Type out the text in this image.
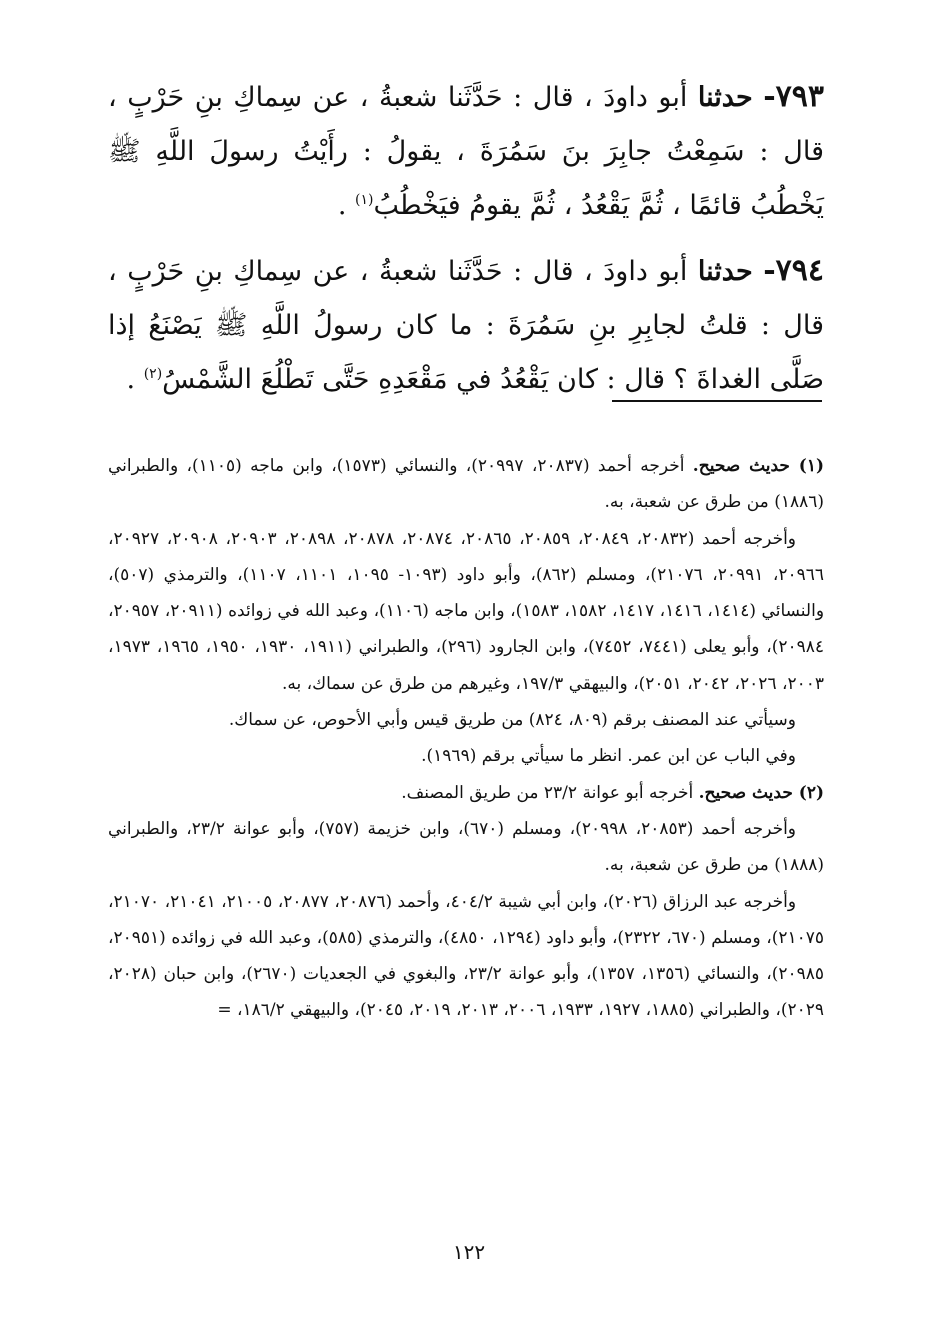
٧٩٣- حدثنا أبو داودَ ، قال : حَدَّثَنا شعبةُ ، عن سِماكِ بنِ حَرْبٍ ، قال : سَمِعْتُ جابِرَ بنَ سَمُرَةَ ، يقولُ : رأَيْتُ رسولَ اللَّهِ ﷺ يَخْطُبُ قائمًا ، ثُمَّ يَقْعُدُ ، ثُمَّ يقومُ فيَخْطُبُ$^{(١)}$ .

٧٩٤- حدثنا أبو داودَ ، قال : حَدَّثَنا شعبةُ ، عن سِماكِ بنِ حَرْبٍ ، قال : قلتُ لجابِرِ بنِ سَمُرَةَ : ما كان رسولُ اللَّهِ ﷺ يَصْنَعُ إذا صَلَّى الغداةَ ؟ قال : كان يَقْعُدُ في مَقْعَدِهِ حَتَّى تَطْلُعَ الشَّمْسُ$^{(٢)}$ .

(١) حديث صحيح. أخرجه أحمد (٢٠٨٣٧، ٢٠٩٩٧)، والنسائي (١٥٧٣)، وابن ماجه (١١٠٥)، والطبراني (١٨٨٦) من طرق عن شعبة، به.

وأخرجه أحمد (٢٠٨٣٢، ٢٠٨٤٩، ٢٠٨٥٩، ٢٠٨٦٥، ٢٠٨٧٤، ٢٠٨٧٨، ٢٠٨٩٨، ٢٠٩٠٣، ٢٠٩٠٨، ٢٠٩٢٧، ٢٠٩٦٦، ٢٠٩٩١، ٢١٠٧٦)، ومسلم (٨٦٢)، وأبو داود (١٠٩٣- ١٠٩٥، ١١٠١، ١١٠٧)، والترمذي (٥٠٧)، والنسائي (١٤١٤، ١٤١٦، ١٤١٧، ١٥٨٢، ١٥٨٣)، وابن ماجه (١١٠٦)، وعبد الله في زوائده (٢٠٩١١، ٢٠٩٥٧، ٢٠٩٨٤)، وأبو يعلى (٧٤٤١، ٧٤٥٢)، وابن الجارود (٢٩٦)، والطبراني (١٩١١، ١٩٣٠، ١٩٥٠، ١٩٦٥، ١٩٧٣، ٢٠٠٣، ٢٠٢٦، ٢٠٤٢، ٢٠٥١)، والبيهقي ١٩٧/٣، وغيرهم من طرق عن سماك، به.

وسيأتي عند المصنف برقم (٨٠٩، ٨٢٤) من طريق قيس وأبي الأحوص، عن سماك.

وفي الباب عن ابن عمر. انظر ما سيأتي برقم (١٩٦٩).

(٢) حديث صحيح. أخرجه أبو عوانة ٢٣/٢ من طريق المصنف.

وأخرجه أحمد (٢٠٨٥٣، ٢٠٩٩٨)، ومسلم (٦٧٠)، وابن خزيمة (٧٥٧)، وأبو عوانة ٢٣/٢، والطبراني (١٨٨٨) من طرق عن شعبة، به.

وأخرجه عبد الرزاق (٢٠٢٦)، وابن أبي شيبة ٤٠٤/٢، وأحمد (٢٠٨٧٦، ٢٠٨٧٧، ٢١٠٠٥، ٢١٠٤١، ٢١٠٧٠، ٢١٠٧٥)، ومسلم (٦٧٠، ٢٣٢٢)، وأبو داود (١٢٩٤، ٤٨٥٠)، والترمذي (٥٨٥)، وعبد الله في زوائده (٢٠٩٥١، ٢٠٩٨٥)، والنسائي (١٣٥٦، ١٣٥٧)، وأبو عوانة ٢٣/٢، والبغوي في الجعديات (٢٦٧٠)، وابن حبان (٢٠٢٨، ٢٠٢٩)، والطبراني (١٨٨٥، ١٩٢٧، ١٩٣٣، ٢٠٠٦، ٢٠١٣، ٢٠١٩، ٢٠٤٥)، والبيهقي ١٨٦/٢، =

١٢٢
